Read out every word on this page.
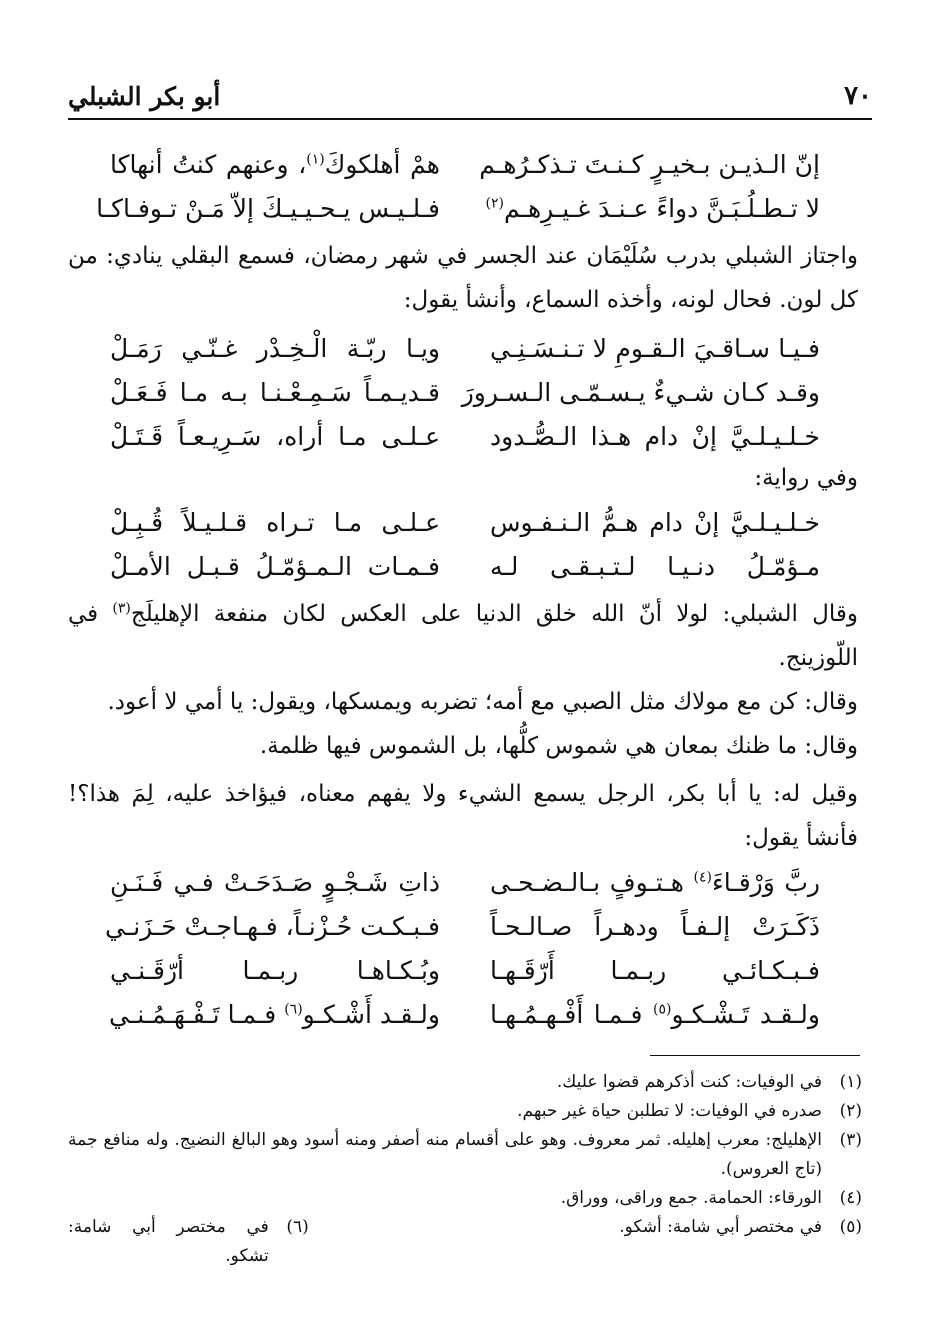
٧٠
أبو بكر الشبلي
إنّ الـذيـن بـخيـرٍ كـنـتَ تـذكـرُهـم
همْ أهلكوكَ$^{(١)}$، وعنهم كنتُ أنهاكا
لا تـطـلُـبَـنَّ دواءً عـنـدَ غـيـرِهـم$^{(٢)}$
فـلـيـس يـحـيـيـكَ إلاّ مَـنْ تـوفـاكـا
واجتاز الشبلي بدرب سُلَيْمَان عند الجسر في شهر رمضان، فسمع البقلي ينادي: من كل لون. فحال لونه، وأخذه السماع، وأنشأ يقول:
فـيـا سـاقـيَ الـقـومِ لا تـنـسَـنِـي
ويـا ربّـة الْـخِـدْر غـنّـي رَمَـلْ
وقـد كـان شـيءٌ يـسـمّـى الـسـرورَ
قـديـمـاً سَـمِـعْـنـا بـه مـا فَـعَـلْ
خـلـيـلـيَّ إنْ دام هـذا الـصُّـدود
عـلـى مـا أراه، سَـرِيـعـاً قَـتَـلْ
وفي رواية:
خـلـيـلـيَّ إنْ دام هـمُّ الـنـفـوس
عـلـى مـا تـراه قـلـيـلاً قُـبِـلْ
مـؤمّـلُ دنـيـا لـتـبـقـى لـه
فـمـات الـمـؤمّـلُ قـبـل الأمـلْ
وقال الشبلي: لولا أنّ الله خلق الدنيا على العكس لكان منفعة الإهليلَج$^{(٣)}$ في اللّوزينج.
وقال: كن مع مولاك مثل الصبي مع أمه؛ تضربه ويمسكها، ويقول: يا أمي لا أعود.
وقال: ما ظنك بمعان هي شموس كلُّها، بل الشموس فيها ظلمة.
وقيل له: يا أبا بكر، الرجل يسمع الشيء ولا يفهم معناه، فيؤاخذ عليه، لِمَ هذا؟! فأنشأ يقول:
ربَّ وَرْقـاءَ$^{(٤)}$ هـتـوفٍ بـالـضـحـى
ذاتِ شَـجْـوٍ صَـدَحَـتْ فـي فَـنَـنِ
ذَكَـرَتْ إلـفـاً ودهـراً صـالـحـاً
فـبـكـت حُـزْنـاً، فـهـاجـتْ حَـزَنـي
فـبـكـائـي ربـمـا أَرّقَـهـا
وبُـكـاهـا ربـمـا أرّقَـنـي
ولـقـد تَـشْـكـو$^{(٥)}$ فـمـا أَفْـهـمُـهـا
ولـقـد أَشْـكـو$^{(٦)}$ فـمـا تَـفْـهَـمُـنـي
(١)
في الوفيات: كنت أذكرهم قضوا عليك.
(٢)
صدره في الوفيات: لا تطلبن حياة غير حبهم.
(٣)
الإهليلج: معرب إهليله. ثمر معروف. وهو على أقسام منه أصفر ومنه أسود وهو البالغ النضيج. وله منافع جمة (تاج العروس).
(٤)
الورقاء: الحمامة. جمع وراقى، ووراق.
(٥)
في مختصر أبي شامة: أشكو.
(٦)
في مختصر أبي شامة: تشكو.
